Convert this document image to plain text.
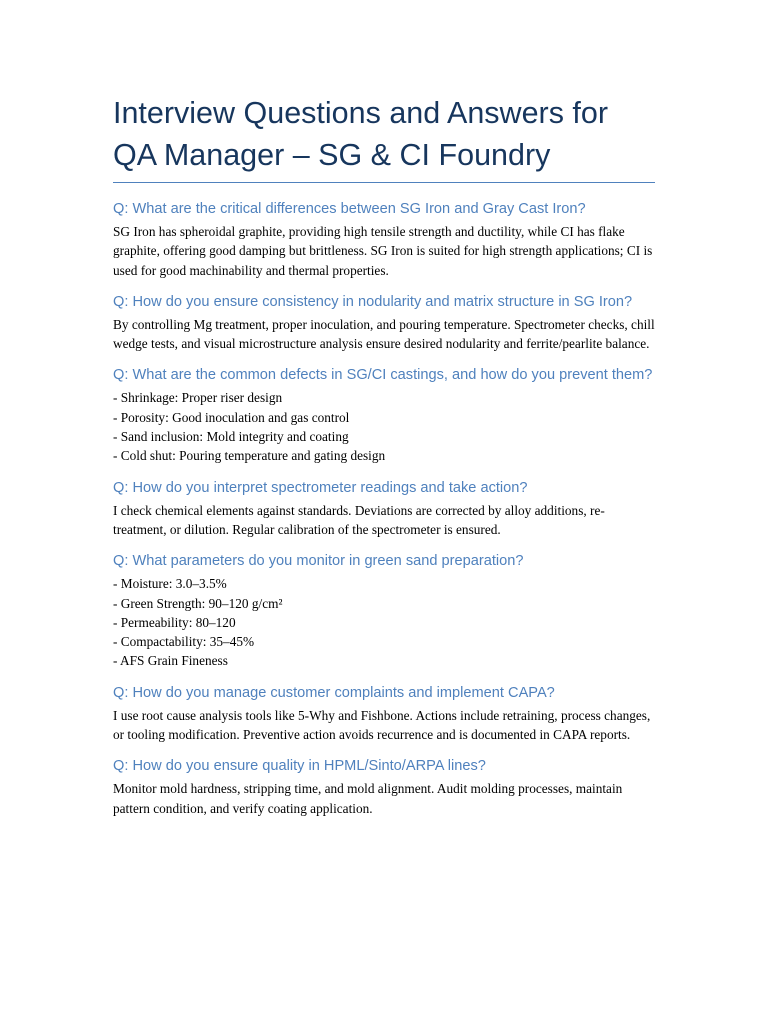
Interview Questions and Answers for QA Manager – SG & CI Foundry
Q: What are the critical differences between SG Iron and Gray Cast Iron?

SG Iron has spheroidal graphite, providing high tensile strength and ductility, while CI has flake graphite, offering good damping but brittleness. SG Iron is suited for high strength applications; CI is used for good machinability and thermal properties.

Q: How do you ensure consistency in nodularity and matrix structure in SG Iron?

By controlling Mg treatment, proper inoculation, and pouring temperature. Spectrometer checks, chill wedge tests, and visual microstructure analysis ensure desired nodularity and ferrite/pearlite balance.

Q: What are the common defects in SG/CI castings, and how do you prevent them?

- Shrinkage: Proper riser design
- Porosity: Good inoculation and gas control
- Sand inclusion: Mold integrity and coating
- Cold shut: Pouring temperature and gating design

Q: How do you interpret spectrometer readings and take action?

I check chemical elements against standards. Deviations are corrected by alloy additions, re-treatment, or dilution. Regular calibration of the spectrometer is ensured.

Q: What parameters do you monitor in green sand preparation?

- Moisture: 3.0–3.5%
- Green Strength: 90–120 g/cm²
- Permeability: 80–120
- Compactability: 35–45%
- AFS Grain Fineness

Q: How do you manage customer complaints and implement CAPA?

I use root cause analysis tools like 5-Why and Fishbone. Actions include retraining, process changes, or tooling modification. Preventive action avoids recurrence and is documented in CAPA reports.

Q: How do you ensure quality in HPML/Sinto/ARPA lines?

Monitor mold hardness, stripping time, and mold alignment. Audit molding processes, maintain pattern condition, and verify coating application.
